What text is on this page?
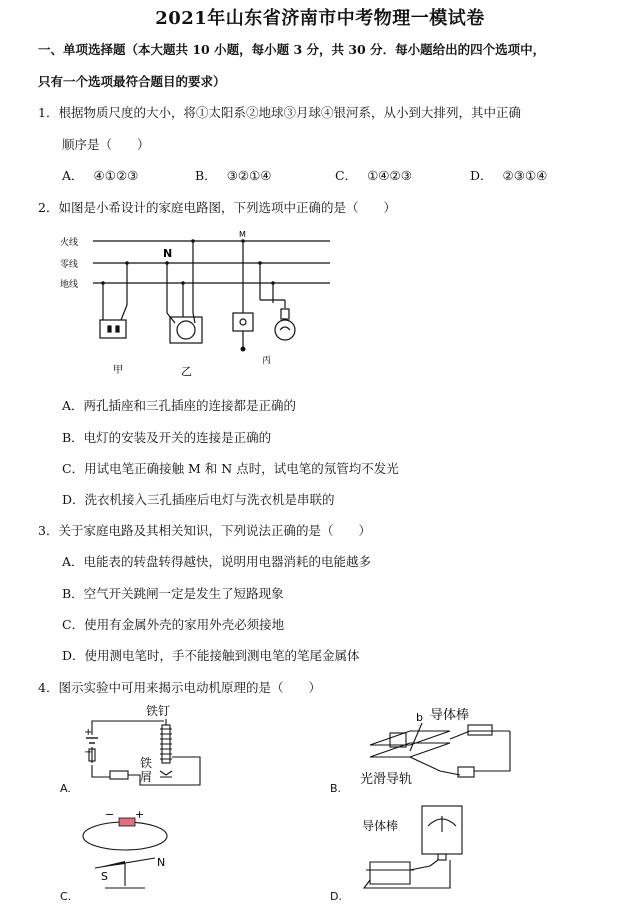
2021年山东省济南市中考物理一模试卷
一、单项选择题（本大题共 10 小题，每小题 3 分，共 30 分．每小题给出的四个选项中，
只有一个选项最符合题目的要求）
1．根据物质尺度的大小，将①太阳系②地球③月球④银河系，从小到大排列，其中正确
顺序是（　　）
A． ④①②③	B． ③②①④	C． ①④②③	D． ②③①④
2．如图是小希设计的家庭电路图，下列选项中正确的是（　　）
火线
零线
地线
N
M
甲	乙
丙
A．两孔插座和三孔插座的连接都是正确的
B．电灯的安装及开关的连接是正确的
C．用试电笔正确接触 M 和 N 点时，试电笔的氖管均不发光
D．洗衣机接入三孔插座后电灯与洗衣机是串联的
3．关于家庭电路及其相关知识，下列说法正确的是（　　）
A．电能表的转盘转得越快，说明用电器消耗的电能越多
B．空气开关跳闸一定是发生了短路现象
C．使用有金属外壳的家用外壳必须接地
D．使用测电笔时，手不能接触到测电笔的笔尾金属体
4．图示实验中可用来揭示电动机原理的是（　　）
+
−
铁钉
铁
屑
A.
b 导体棒
光滑导轨
B.
− +
S
N
C.
导体棒
D.
